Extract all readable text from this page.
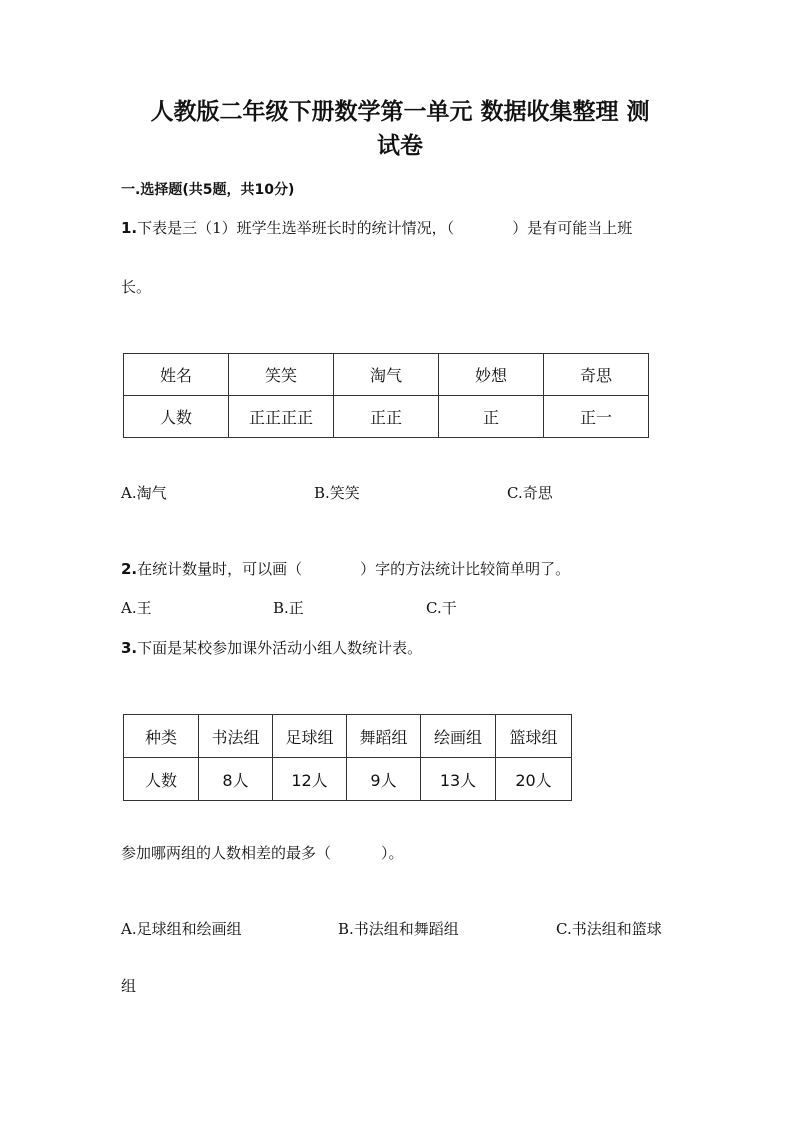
人教版二年级下册数学第一单元 数据收集整理 测
试卷
一.选择题(共5题，共10分)
1.下表是三（1）班学生选举班长时的统计情况，（	）是有可能当上班
长。
姓名	笑笑	淘气	妙想	奇思
人数	正正正正	正正	正	正一
A.淘气	B.笑笑	C.奇思
2.在统计数量时，可以画（	）字的方法统计比较简单明了。
A.王	B.正	C.干
3.下面是某校参加课外活动小组人数统计表。
种类	书法组	足球组	舞蹈组	绘画组	篮球组
人数	8人	12人	9人	13人	20人
参加哪两组的人数相差的最多（	）。
A.足球组和绘画组	B.书法组和舞蹈组	C.书法组和篮球
组
